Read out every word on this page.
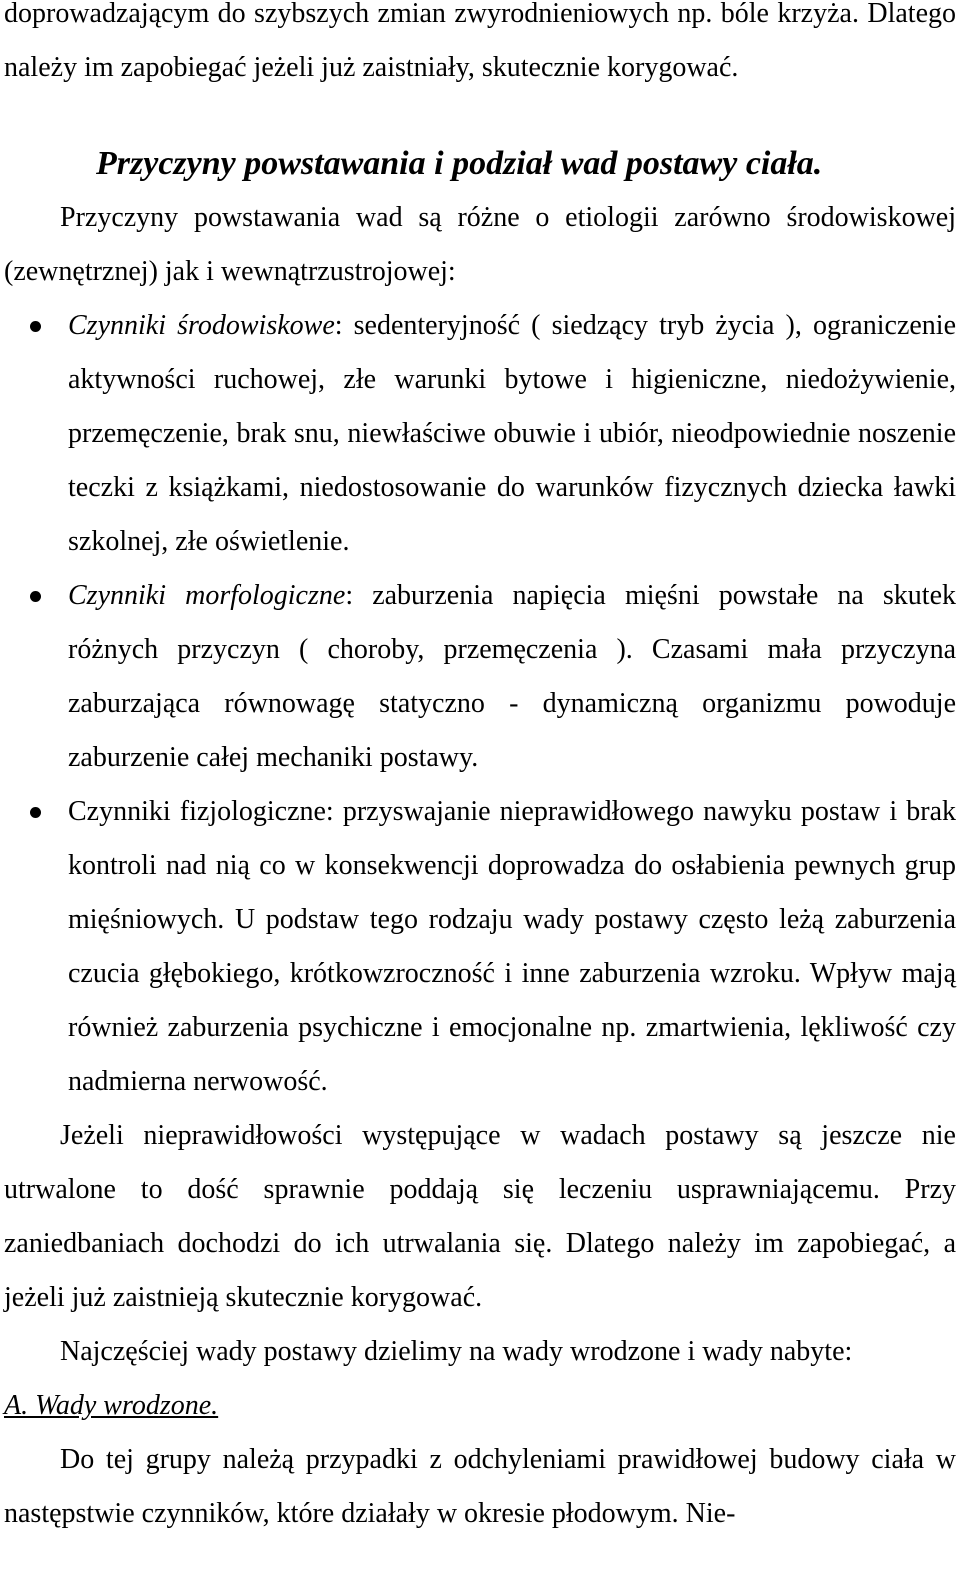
doprowadzającym do szybszych zmian zwyrodnieniowych np. bóle krzyża. Dlatego należy im zapobiegać jeżeli już zaistniały, skutecznie korygować.

Przyczyny powstawania i podział wad postawy ciała.

Przyczyny powstawania wad są różne o etiologii zarówno środowiskowej (zewnętrznej) jak i wewnątrzustrojowej:

Czynniki środowiskowe: sedenteryjność ( siedzący tryb życia ), ograniczenie aktywności ruchowej, złe warunki bytowe i higieniczne, niedożywienie, przemęczenie, brak snu, niewłaściwe obuwie i ubiór, nieodpowiednie noszenie teczki z książkami, niedostosowanie do warunków fizycznych dziecka ławki szkolnej, złe oświetlenie.
Czynniki morfologiczne: zaburzenia napięcia mięśni powstałe na skutek różnych przyczyn ( choroby, przemęczenia ). Czasami mała przyczyna zaburzająca równowagę statyczno - dynamiczną organizmu powoduje zaburzenie całej mechaniki postawy.
Czynniki fizjologiczne: przyswajanie nieprawidłowego nawyku postaw i brak kontroli nad nią co w konsekwencji doprowadza do osłabienia pewnych grup mięśniowych. U podstaw tego rodzaju wady postawy często leżą zaburzenia czucia głębokiego, krótkowzroczność i inne zaburzenia wzroku. Wpływ mają również zaburzenia psychiczne i emocjonalne np. zmartwienia, lękliwość czy nadmierna nerwowość.

Jeżeli nieprawidłowości występujące w wadach postawy są jeszcze nie utrwalone to dość sprawnie poddają się leczeniu usprawniającemu. Przy zaniedbaniach dochodzi do ich utrwalania się. Dlatego należy im zapobiegać, a jeżeli już zaistnieją skutecznie korygować.

Najczęściej wady postawy dzielimy na wady wrodzone i wady nabyte:

A. Wady wrodzone.

Do tej grupy należą przypadki z odchyleniami prawidłowej budowy ciała w następstwie czynników, które działały w okresie płodowym. Nie-
